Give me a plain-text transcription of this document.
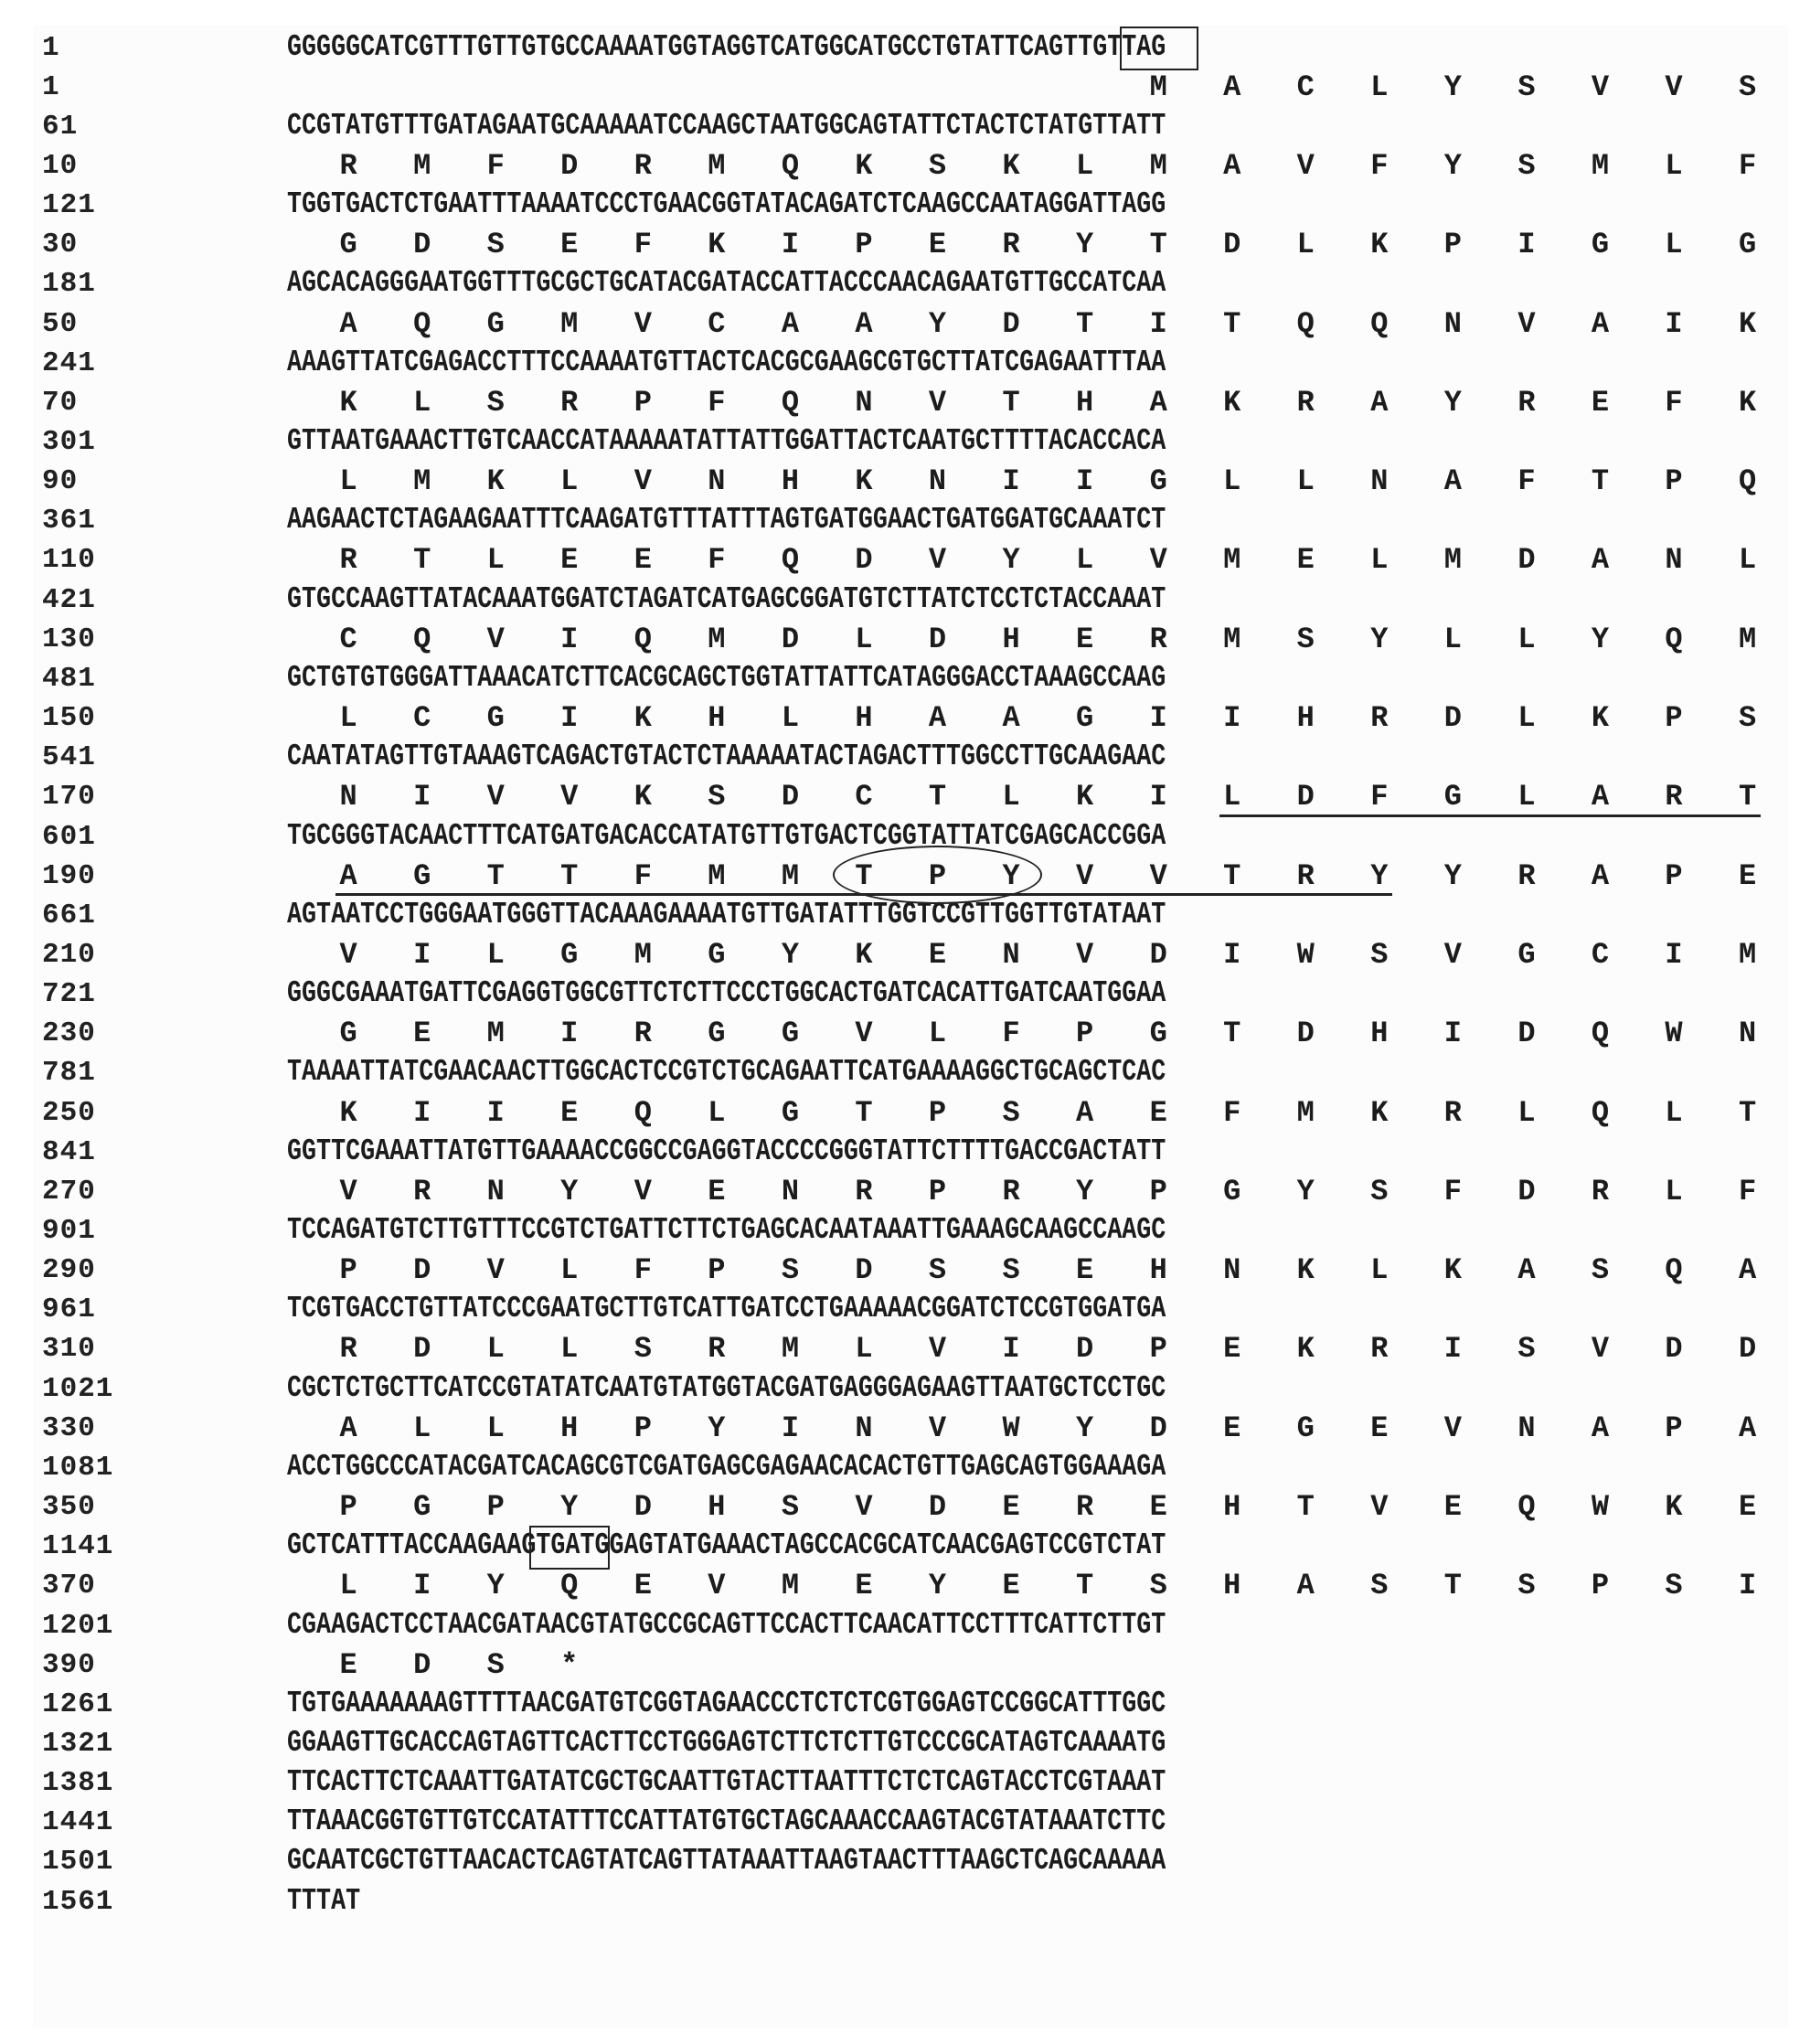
1	GGGGGCATCGTTTGTTGTGCCAAAATGGTAGGTCATGGCATGCCTGTATTCAGTTGTTAG
1	M A C L Y S V V S
61	CCGTATGTTTGATAGAATGCAAAAATCCAAGCTAATGGCAGTATTCTACTCTATGTTATT
10	R M F D R M Q K S K L M A V F Y S M L F
121	TGGTGACTCTGAATTTAAAATCCCTGAACGGTATACAGATCTCAAGCCAATAGGATTAGG
30	G D S E F K I P E R Y T D L K P I G L G
181	AGCACAGGGAATGGTTTGCGCTGCATACGATACCATTACCCAACAGAATGTTGCCATCAA
50	A Q G M V C A A Y D T I T Q Q N V A I K
241	AAAGTTATCGAGACCTTTCCAAAATGTTACTCACGCGAAGCGTGCTTATCGAGAATTTAA
70	K L S R P F Q N V T H A K R A Y R E F K
301	GTTAATGAAACTTGTCAACCATAAAAATATTATTGGATTACTCAATGCTTTTACACCACA
90	L M K L V N H K N I I G L L N A F T P Q
361	AAGAACTCTAGAAGAATTTCAAGATGTTTATTTAGTGATGGAACTGATGGATGCAAATCT
110	R T L E E F Q D V Y L V M E L M D A N L
421	GTGCCAAGTTATACAAATGGATCTAGATCATGAGCGGATGTCTTATCTCCTCTACCAAAT
130	C Q V I Q M D L D H E R M S Y L L Y Q M
481	GCTGTGTGGGATTAAACATCTTCACGCAGCTGGTATTATTCATAGGGACCTAAAGCCAAG
150	L C G I K H L H A A G I I H R D L K P S
541	CAATATAGTTGTAAAGTCAGACTGTACTCTAAAAATACTAGACTTTGGCCTTGCAAGAAC
170	N I V V K S D C T L K I L D F G L A R T
601	TGCGGGTACAACTTTCATGATGACACCATATGTTGTGACTCGGTATTATCGAGCACCGGA
190	A G T T F M M T P Y V V T R Y Y R A P E
661	AGTAATCCTGGGAATGGGTTACAAAGAAAATGTTGATATTTGGTCCGTTGGTTGTATAAT
210	V I L G M G Y K E N V D I W S V G C I M
721	GGGCGAAATGATTCGAGGTGGCGTTCTCTTCCCTGGCACTGATCACATTGATCAATGGAA
230	G E M I R G G V L F P G T D H I D Q W N
781	TAAAATTATCGAACAACTTGGCACTCCGTCTGCAGAATTCATGAAAAGGCTGCAGCTCAC
250	K I I E Q L G T P S A E F M K R L Q L T
841	GGTTCGAAATTATGTTGAAAACCGGCCGAGGTACCCCGGGTATTCTTTTGACCGACTATT
270	V R N Y V E N R P R Y P G Y S F D R L F
901	TCCAGATGTCTTGTTTCCGTCTGATTCTTCTGAGCACAATAAATTGAAAGCAAGCCAAGC
290	P D V L F P S D S S E H N K L K A S Q A
961	TCGTGACCTGTTATCCCGAATGCTTGTCATTGATCCTGAAAAACGGATCTCCGTGGATGA
310	R D L L S R M L V I D P E K R I S V D D
1021	CGCTCTGCTTCATCCGTATATCAATGTATGGTACGATGAGGGAGAAGTTAATGCTCCTGC
330	A L L H P Y I N V W Y D E G E V N A P A
1081	ACCTGGCCCATACGATCACAGCGTCGATGAGCGAGAACACACTGTTGAGCAGTGGAAAGA
350	P G P Y D H S V D E R E H T V E Q W K E
1141	GCTCATTTACCAAGAAGTGATGGAGTATGAAACTAGCCACGCATCAACGAGTCCGTCTAT
370	L I Y Q E V M E Y E T S H A S T S P S I
1201	CGAAGACTCCTAACGATAACGTATGCCGCAGTTCCACTTCAACATTCCTTTCATTCTTGT
390	E D S *
1261	TGTGAAAAAAAGTTTTAACGATGTCGGTAGAACCCTCTCTCGTGGAGTCCGGCATTTGGC
1321	GGAAGTTGCACCAGTAGTTCACTTCCTGGGAGTCTTCTCTTGTCCCGCATAGTCAAAATG
1381	TTCACTTCTCAAATTGATATCGCTGCAATTGTACTTAATTTCTCTCAGTACCTCGTAAAT
1441	TTAAACGGTGTTGTCCATATTTCCATTATGTGCTAGCAAACCAAGTACGTATAAATCTTC
1501	GCAATCGCTGTTAACACTCAGTATCAGTTATAAATTAAGTAACTTTAAGCTCAGCAAAAA
1561	TTTAT
